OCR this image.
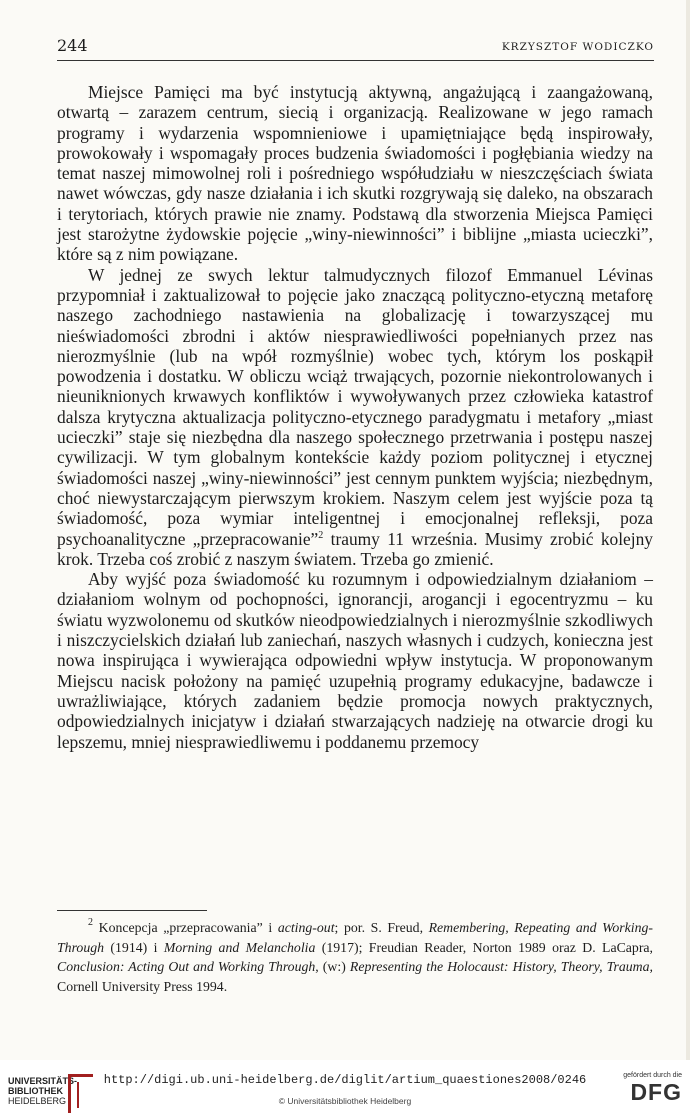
244	KRZYSZTOF WODICZKO

Miejsce Pamięci ma być instytucją aktywną, angażującą i zaangażowaną, otwartą – zarazem centrum, siecią i organizacją. Realizowane w jego ramach programy i wydarzenia wspomnieniowe i upamiętniające będą inspirowały, prowokowały i wspomagały proces budzenia świadomości i pogłębiania wiedzy na temat naszej mimowolnej roli i pośredniego współudziału w nieszczęściach świata nawet wówczas, gdy nasze działania i ich skutki rozgrywają się daleko, na obszarach i terytoriach, których prawie nie znamy. Podstawą dla stworzenia Miejsca Pamięci jest starożytne żydowskie pojęcie „winy-niewinności” i biblijne „miasta ucieczki”, które są z nim powiązane.

W jednej ze swych lektur talmudycznych filozof Emmanuel Lévinas przypomniał i zaktualizował to pojęcie jako znaczącą polityczno-etyczną metaforę naszego zachodniego nastawienia na globalizację i towarzyszącej mu nieświadomości zbrodni i aktów niesprawiedliwości popełnianych przez nas nierozmyślnie (lub na wpół rozmyślnie) wobec tych, którym los poskąpił powodzenia i dostatku. W obliczu wciąż trwających, pozornie niekontrolowanych i nieuniknionych krwawych konfliktów i wywoływanych przez człowieka katastrof dalsza krytyczna aktualizacja polityczno-etycznego paradygmatu i metafory „miast ucieczki” staje się niezbędna dla naszego społecznego przetrwania i postępu naszej cywilizacji. W tym globalnym kontekście każdy poziom politycznej i etycznej świadomości naszej „winy-niewinności” jest cennym punktem wyjścia; niezbędnym, choć niewystarczającym pierwszym krokiem. Naszym celem jest wyjście poza tą świadomość, poza wymiar inteligentnej i emocjonalnej refleksji, poza psychoanalityczne „przepracowanie”$^2$ traumy 11 września. Musimy zrobić kolejny krok. Trzeba coś zrobić z naszym światem. Trzeba go zmienić.

Aby wyjść poza świadomość ku rozumnym i odpowiedzialnym działaniom – działaniom wolnym od pochopności, ignorancji, arogancji i egocentryzmu – ku światu wyzwolonemu od skutków nieodpowiedzialnych i nierozmyślnie szkodliwych i niszczycielskich działań lub zaniechań, naszych własnych i cudzych, konieczna jest nowa inspirująca i wywierająca odpowiedni wpływ instytucja. W proponowanym Miejscu nacisk położony na pamięć uzupełnią programy edukacyjne, badawcze i uwrażliwiające, których zadaniem będzie promocja nowych praktycznych, odpowiedzialnych inicjatyw i działań stwarzających nadzieję na otwarcie drogi ku lepszemu, mniej niesprawiedliwemu i poddanemu przemocy

$^2$ Koncepcja „przepracowania” i acting-out; por. S. Freud, Remembering, Repeating and Working-Through (1914) i Morning and Melancholia (1917); Freudian Reader, Norton 1989 oraz D. LaCapra, Conclusion: Acting Out and Working Through, (w:) Representing the Holocaust: History, Theory, Trauma, Cornell University Press 1994.
UNIVERSITÄTS-
BIBLIOTHEK
HEIDELBERG
http://digi.ub.uni-heidelberg.de/diglit/artium_quaestiones2008/0246
© Universitätsbibliothek Heidelberg
gefördert durch die
DFG
